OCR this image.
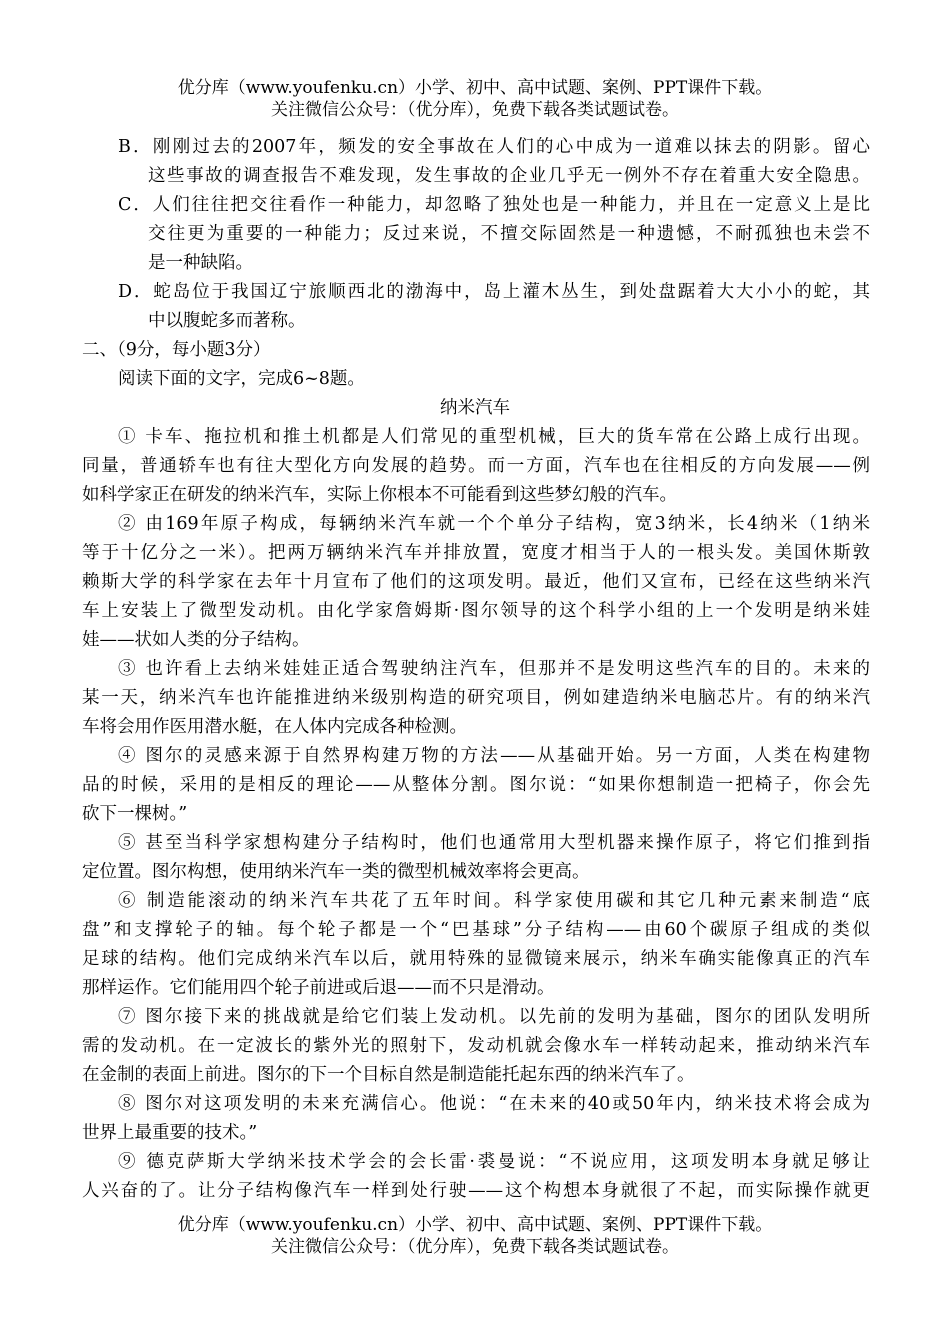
优分库（www.youfenku.cn）小学、初中、高中试题、案例、PPT课件下载。
关注微信公众号：（优分库），免费下载各类试题试卷。
B．刚刚过去的2007年，频发的安全事故在人们的心中成为一道难以抹去的阴影。留心
这些事故的调查报告不难发现，发生事故的企业几乎无一例外不存在着重大安全隐患。
C．人们往往把交往看作一种能力，却忽略了独处也是一种能力，并且在一定意义上是比
交往更为重要的一种能力；反过来说，不擅交际固然是一种遗憾，不耐孤独也未尝不
是一种缺陷。
D．蛇岛位于我国辽宁旅顺西北的渤海中，岛上灌木丛生，到处盘踞着大大小小的蛇，其
中以腹蛇多而著称。
二、（9分，每小题3分）
阅读下面的文字，完成6~8题。
纳米汽车
① 卡车、拖拉机和推土机都是人们常见的重型机械，巨大的货车常在公路上成行出现。
同量，普通轿车也有往大型化方向发展的趋势。而一方面，汽车也在往相反的方向发展——例
如科学家正在研发的纳米汽车，实际上你根本不可能看到这些梦幻般的汽车。
② 由169年原子构成，每辆纳米汽车就一个个单分子结构，宽3纳米，长4纳米（1纳米
等于十亿分之一米）。把两万辆纳米汽车并排放置，宽度才相当于人的一根头发。美国休斯敦
赖斯大学的科学家在去年十月宣布了他们的这项发明。最近，他们又宣布，已经在这些纳米汽
车上安装上了微型发动机。由化学家詹姆斯·图尔领导的这个科学小组的上一个发明是纳米娃
娃——状如人类的分子结构。
③ 也许看上去纳米娃娃正适合驾驶纳注汽车，但那并不是发明这些汽车的目的。未来的
某一天，纳米汽车也许能推进纳米级别构造的研究项目，例如建造纳米电脑芯片。有的纳米汽
车将会用作医用潜水艇，在人体内完成各种检测。
④ 图尔的灵感来源于自然界构建万物的方法——从基础开始。另一方面，人类在构建物
品的时候，采用的是相反的理论——从整体分割。图尔说：“如果你想制造一把椅子，你会先
砍下一棵树。”
⑤ 甚至当科学家想构建分子结构时，他们也通常用大型机器来操作原子，将它们推到指
定位置。图尔构想，使用纳米汽车一类的微型机械效率将会更高。
⑥ 制造能滚动的纳米汽车共花了五年时间。科学家使用碳和其它几种元素来制造“底
盘”和支撑轮子的轴。每个轮子都是一个“巴基球”分子结构——由60个碳原子组成的类似
足球的结构。他们完成纳米汽车以后，就用特殊的显微镜来展示，纳米车确实能像真正的汽车
那样运作。它们能用四个轮子前进或后退——而不只是滑动。
⑦ 图尔接下来的挑战就是给它们装上发动机。以先前的发明为基础，图尔的团队发明所
需的发动机。在一定波长的紫外光的照射下，发动机就会像水车一样转动起来，推动纳米汽车
在金制的表面上前进。图尔的下一个目标自然是制造能托起东西的纳米汽车了。
⑧ 图尔对这项发明的未来充满信心。他说：“在未来的40或50年内，纳米技术将会成为
世界上最重要的技术。”
⑨ 德克萨斯大学纳米技术学会的会长雷·裘曼说：“不说应用，这项发明本身就足够让
人兴奋的了。让分子结构像汽车一样到处行驶——这个构想本身就很了不起，而实际操作就更
优分库（www.youfenku.cn）小学、初中、高中试题、案例、PPT课件下载。
关注微信公众号：（优分库），免费下载各类试题试卷。
